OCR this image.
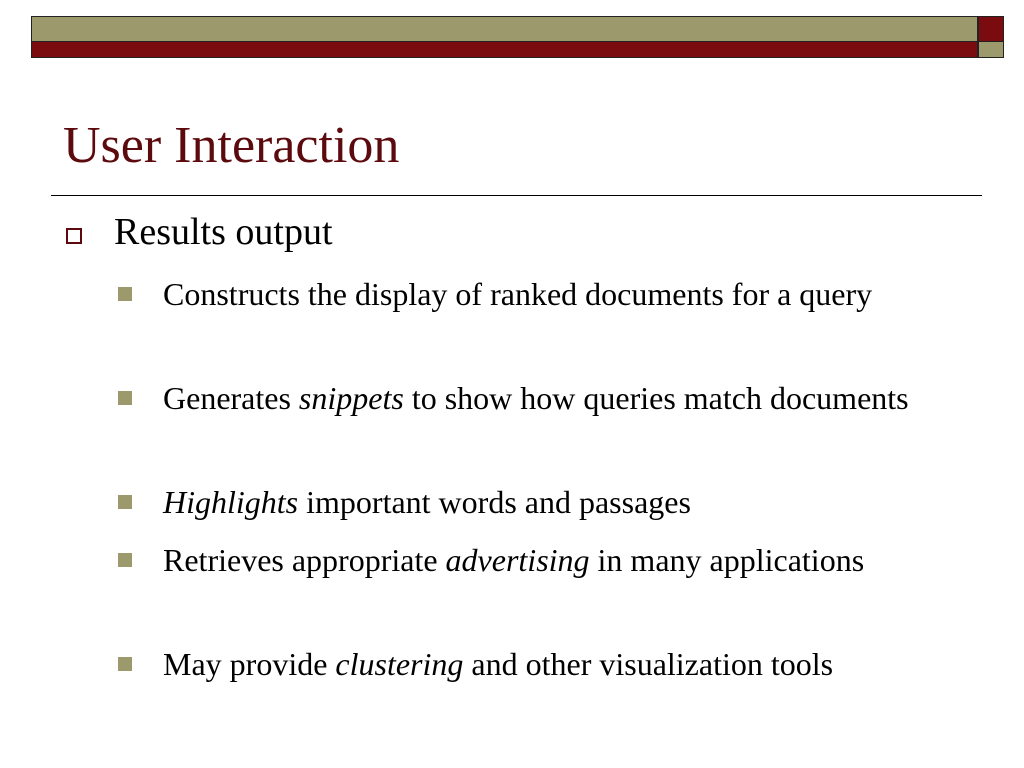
User Interaction
Results output
Constructs the display of ranked documents for a query
Generates snippets to show how queries match documents
Highlights important words and passages
Retrieves appropriate advertising in many applications
May provide clustering and other visualization tools
